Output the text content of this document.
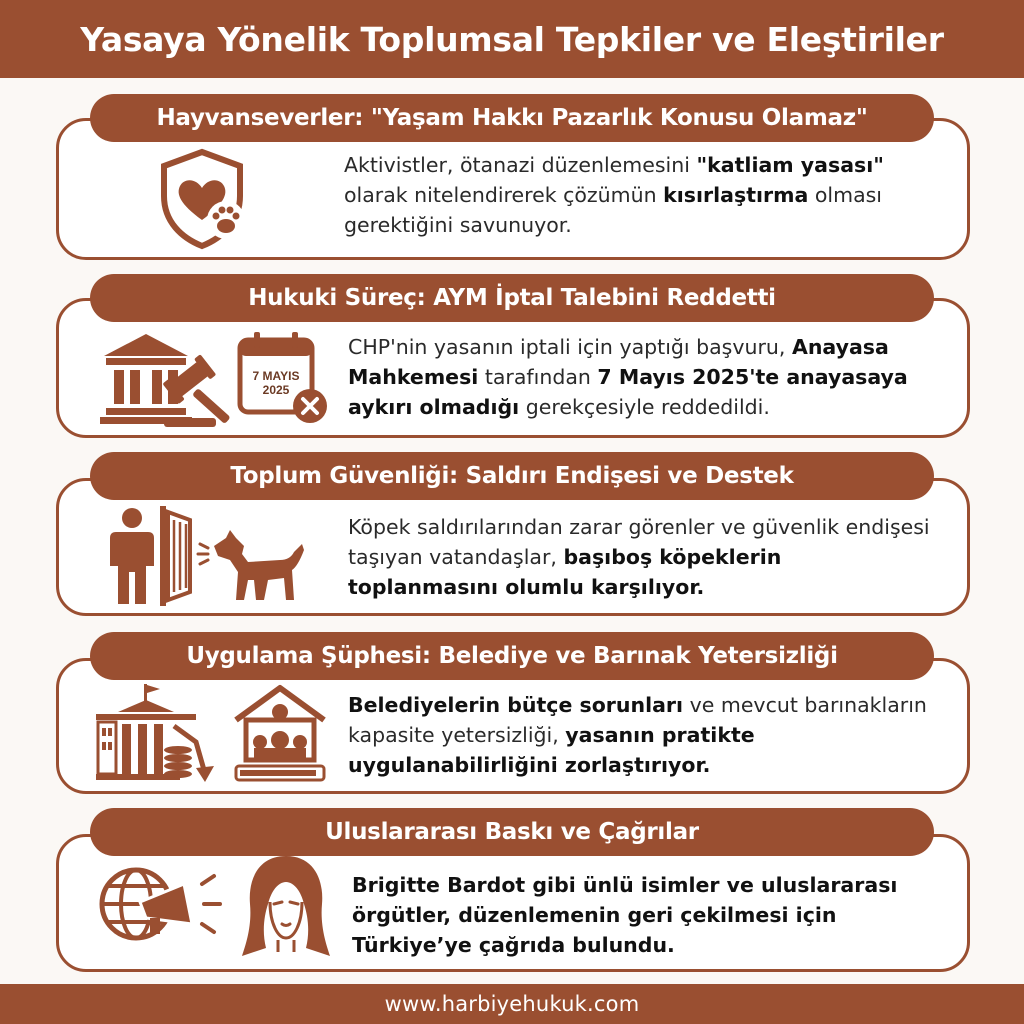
Yasaya Yönelik Toplumsal Tepkiler ve Eleştiriler
Hayvanseverler: "Yaşam Hakkı Pazarlık Konusu Olamaz"
Aktivistler, ötanazi düzenlemesini "katliam yasası" olarak nitelendirerek çözümün kısırlaştırma olması gerektiğini savunuyor.
Hukuki Süreç: AYM İptal Talebini Reddetti
7 MAYIS
2025
CHP'nin yasanın iptali için yaptığı başvuru, Anayasa Mahkemesi tarafından 7 Mayıs 2025'te anayasaya aykırı olmadığı gerekçesiyle reddedildi.
Toplum Güvenliği: Saldırı Endişesi ve Destek
Köpek saldırılarından zarar görenler ve güvenlik endişesi taşıyan vatandaşlar, başıboş köpeklerin toplanmasını olumlu karşılıyor.
Uygulama Şüphesi: Belediye ve Barınak Yetersizliği
Belediyelerin bütçe sorunları ve mevcut barınakların kapasite yetersizliği, yasanın pratikte uygulanabilirliğini zorlaştırıyor.
Uluslararası Baskı ve Çağrılar
Brigitte Bardot gibi ünlü isimler ve uluslararası örgütler, düzenlemenin geri çekilmesi için Türkiye’ye çağrıda bulundu.
www.harbiyehukuk.com
